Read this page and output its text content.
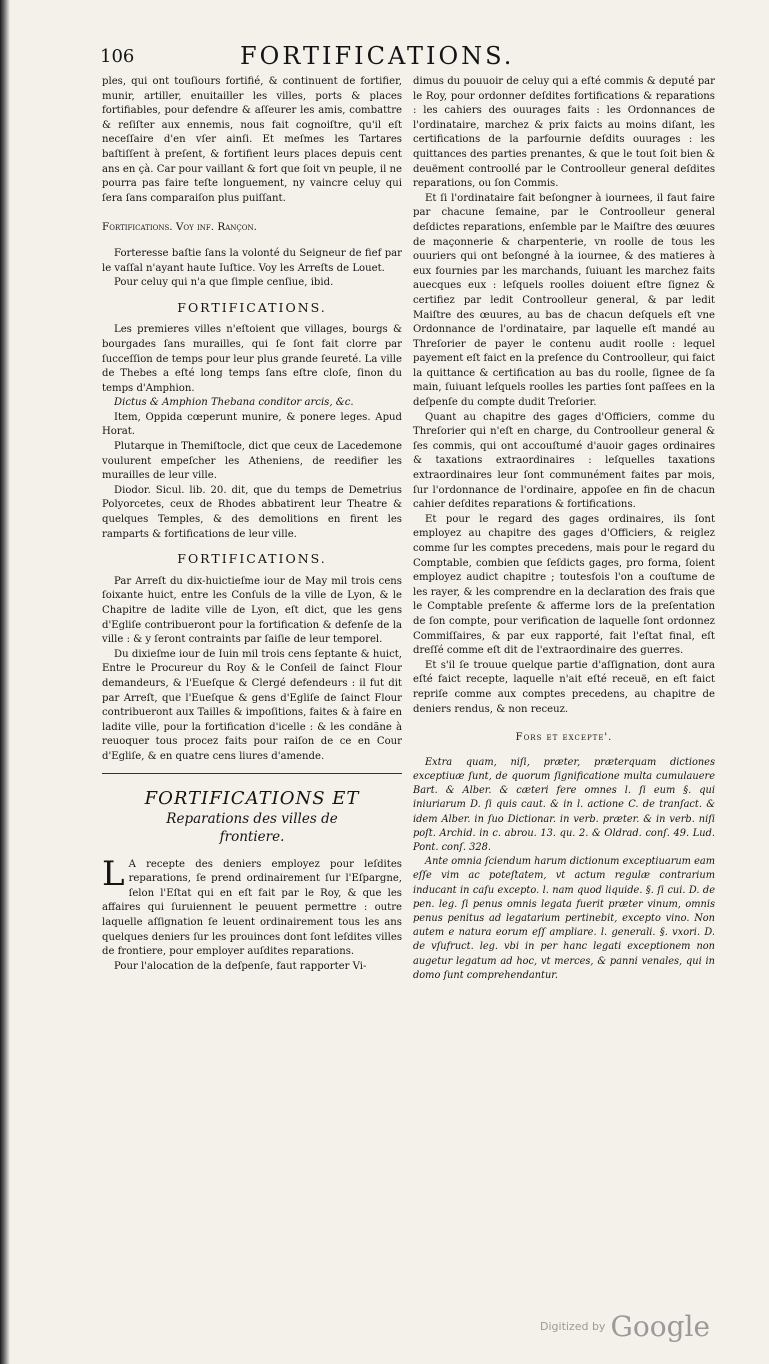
106	FORTIFICATIONS.

ples, qui ont touſiours fortifié, & continuent de fortifier, munir, artiller, enuitailler les villes, ports & places fortifiables, pour defendre & aſſeurer les amis, combattre & reſiſter aux ennemis, nous fait cognoiſtre, qu'il eſt neceſſaire d'en vſer ainſi. Et meſmes les Tartares baſtiſſent à preſent, & fortifient leurs places depuis cent ans en çà. Car pour vaillant & fort que ſoit vn peuple, il ne pourra pas faire teſte longuement, ny vaincre celuy qui ſera ſans comparaiſon plus puiſſant.

Fortifications. Voy inf. Rançon.

Forteresse baſtie ſans la volonté du Seigneur de fief par le vaſſal n'ayant haute Iuſtice. Voy les Arreſts de Louet.

Pour celuy qui n'a que ſimple cenſiue, ibid.

FORTIFICATIONS.

Les premieres villes n'eſtoient que villages, bourgs & bourgades ſans murailles, qui ſe ſont fait clorre par ſucceſſion de temps pour leur plus grande ſeureté. La ville de Thebes a eſté long temps ſans eſtre cloſe, ſinon du temps d'Amphion.

Dictus & Amphion Thebana conditor arcis, &c.

Item, Oppida cœperunt munire, & ponere leges. Apud Horat.

Plutarque in Themiſtocle, dict que ceux de Lacedemone voulurent empeſcher les Atheniens, de reedifier les murailles de leur ville.

Diodor. Sicul. lib. 20. dit, que du temps de Demetrius Polyorcetes, ceux de Rhodes abbatirent leur Theatre & quelques Temples, & des demolitions en firent les ramparts & fortifications de leur ville.

FORTIFICATIONS.

Par Arreſt du dix-huictieſme iour de May mil trois cens ſoixante huict, entre les Conſuls de la ville de Lyon, & le Chapitre de ladite ville de Lyon, eſt dict, que les gens d'Egliſe contribueront pour la fortification & defenſe de la ville : & y ſeront contraints par ſaiſie de leur temporel.

Du dixieſme iour de Iuin mil trois cens ſeptante & huict, Entre le Procureur du Roy & le Conſeil de ſainct Flour demandeurs, & l'Eueſque & Clergé defendeurs : il fut dit par Arreſt, que l'Eueſque & gens d'Egliſe de ſainct Flour contribueront aux Tailles & impoſitions, faites & à faire en ladite ville, pour la fortification d'icelle : & les condãne à reuoquer tous procez faits pour raiſon de ce en Cour d'Egliſe, & en quatre cens liures d'amende.

FORTIFICATIONS ET
Reparations des villes de
frontiere.

L A recepte des deniers employez pour leſdites reparations, ſe prend ordinairement ſur l'Eſpargne, ſelon l'Eſtat qui en eſt fait par le Roy, & que les affaires qui ſuruiennent le peuuent permettre : outre laquelle aſſignation ſe leuent ordinairement tous les ans quelques deniers ſur les prouinces dont ſont leſdites villes de frontiere, pour employer auſdites reparations.

Pour l'alocation de la deſpenſe, faut rapporter Vi-

dimus du pouuoir de celuy qui a eſté commis & deputé par le Roy, pour ordonner deſdites fortifications & reparations : les cahiers des ouurages faits : les Ordonnances de l'ordinataire, marchez & prix faicts au moins diſant, les certifications de la parfournie deſdits ouurages : les quittances des parties prenantes, & que le tout ſoit bien & deuëment controollé par le Controolleur general deſdites reparations, ou ſon Commis.

Et ſi l'ordinataire fait beſongner à iournees, il faut faire par chacune ſemaine, par le Controolleur general deſdictes reparations, enſemble par le Maiſtre des œuures de maçonnerie & charpenterie, vn roolle de tous les ouuriers qui ont beſongné à la iournee, & des matieres à eux fournies par les marchands, ſuiuant les marchez faits auecques eux : leſquels roolles doiuent eſtre ſignez & certifiez par ledit Controolleur general, & par ledit Maiſtre des œuures, au bas de chacun deſquels eſt vne Ordonnance de l'ordinataire, par laquelle eſt mandé au Threſorier de payer le contenu audit roolle : lequel payement eſt faict en la preſence du Controolleur, qui faict la quittance & certification au bas du roolle, ſignee de ſa main, ſuiuant leſquels roolles les parties ſont paſſees en la deſpenſe du compte dudit Treſorier.

Quant au chapitre des gages d'Officiers, comme du Threſorier qui n'eſt en charge, du Controolleur general & ſes commis, qui ont accouſtumé d'auoir gages ordinaires & taxations extraordinaires : leſquelles taxations extraordinaires leur ſont communément faites par mois, ſur l'ordonnance de l'ordinaire, appoſee en fin de chacun cahier deſdites reparations & fortifications.

Et pour le regard des gages ordinaires, ils ſont employez au chapitre des gages d'Officiers, & reiglez comme ſur les comptes precedens, mais pour le regard du Comptable, combien que ſeſdicts gages, pro forma, ſoient employez audict chapitre ; toutesfois l'on a couſtume de les rayer, & les comprendre en la declaration des frais que le Comptable preſente & afferme lors de la preſentation de ſon compte, pour verification de laquelle ſont ordonnez Commiſſaires, & par eux rapporté, fait l'eſtat final, eſt dreſſé comme eſt dit de l'extraordinaire des guerres.

Et s'il ſe trouue quelque partie d'aſſignation, dont aura eſté faict recepte, laquelle n'ait eſté receuë, en eſt faict repriſe comme aux comptes precedens, au chapitre de deniers rendus, & non receuz.

Fors et excepte'.

Extra quam, niſi, præter, præterquam dictiones exceptiuæ ſunt, de quorum ſignificatione multa cumulauere Bart. & Alber. & cæteri fere omnes l. ſi eum §. qui iniuriarum D. ſi quis caut. & in l. actione C. de tranſact. & idem Alber. in ſuo Dictionar. in verb. præter. & in verb. niſi poſt. Archid. in c. abrou. 13. qu. 2. & Oldrad. conſ. 49. Lud. Pont. conſ. 328.

Ante omnia ſciendum harum dictionum exceptiuarum eam eſſe vim ac poteſtatem, vt actum regulæ contrarium inducant in caſu excepto. l. nam quod liquide. §. ſi cui. D. de pen. leg. ſi penus omnis legata fuerit præter vinum, omnis penus penitus ad legatarium pertinebit, excepto vino. Non autem e natura eorum eſſ ampliare. l. generali. §. vxori. D. de vſufruct. leg. vbi in per hanc legati exceptionem non augetur legatum ad hoc, vt merces, & panni venales, qui in domo ſunt comprehendantur.

$^{Digitized by}$ Google
